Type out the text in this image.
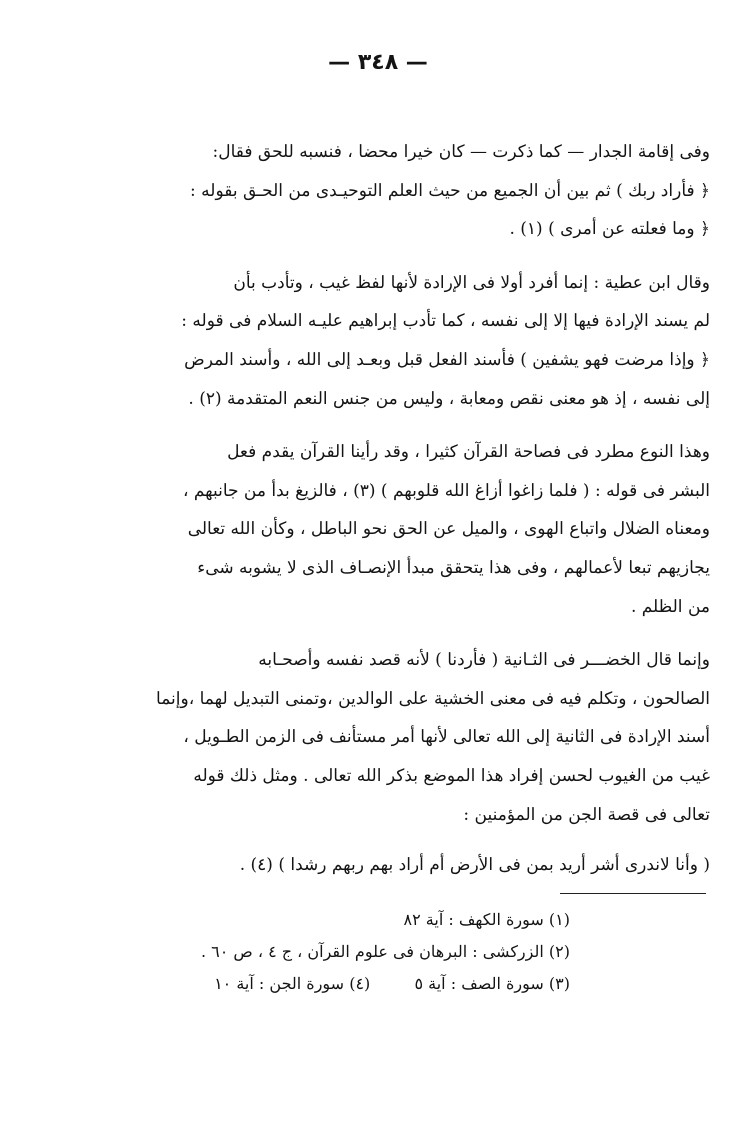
— ٣٤٨ —

وفى إقامة الجدار — كما ذكرت — كان خيرا محضا ، فنسبه للحق فقال:
﴿ فأراد ربك ) ثم بين أن الجميع من حيث العلم التوحيـدى من الحـق بقوله :
﴿ وما فعلته عن أمرى ) (١) .

وقال ابن عطية : إنما أفرد أولا فى الإرادة لأنها لفظ غيب ، وتأدب بأن
لم يسند الإرادة فيها إلا إلى نفسه ، كما تأدب إبراهيم عليـه السلام فى قوله :
﴿ وإذا مرضت فهو يشفين ) فأسند الفعل قبل وبعـد إلى الله ، وأسند المرض
إلى نفسه ، إذ هو معنى نقص ومعابة ، وليس من جنس النعم المتقدمة (٢) .

وهذا النوع مطرد فى فصاحة القرآن كثيرا ، وقد رأينا القرآن يقدم فعل
البشر فى قوله : ( فلما زاغوا أزاغ الله قلوبهم ) (٣) ، فالزيغ بدأ من جانبهم ،
ومعناه الضلال واتباع الهوى ، والميل عن الحق نحو الباطل ، وكأن الله تعالى
يجازيهم تبعا لأعمالهم ، وفى هذا يتحقق مبدأ الإنصـاف الذى لا يشوبه شىء
من الظلم .

وإنما قال الخضـــر فى الثـانية ( فأردنا ) لأنه قصد نفسه وأصحـابه
الصالحون ، وتكلم فيه فى معنى الخشية على الوالدين ،وتمنى التبديل لهما ،وإنما
أسند الإرادة فى الثانية إلى الله تعالى لأنها أمر مستأنف فى الزمن الطـويل ،
غيب من الغيوب لحسن إفراد هذا الموضع بذكر الله تعالى . ومثل ذلك قوله
تعالى فى قصة الجن من المؤمنين :

( وأنا لاندرى أشر أريد بمن فى الأرض أم أراد بهم ربهم رشدا ) (٤) .

(١) سورة الكهف : آية ٨٢
(٢) الزركشى : البرهان فى علوم القرآن ، ج ٤ ، ص ٦٠ .
(٣) سورة الصف : آية ٥  (٤) سورة الجن : آية ١٠
